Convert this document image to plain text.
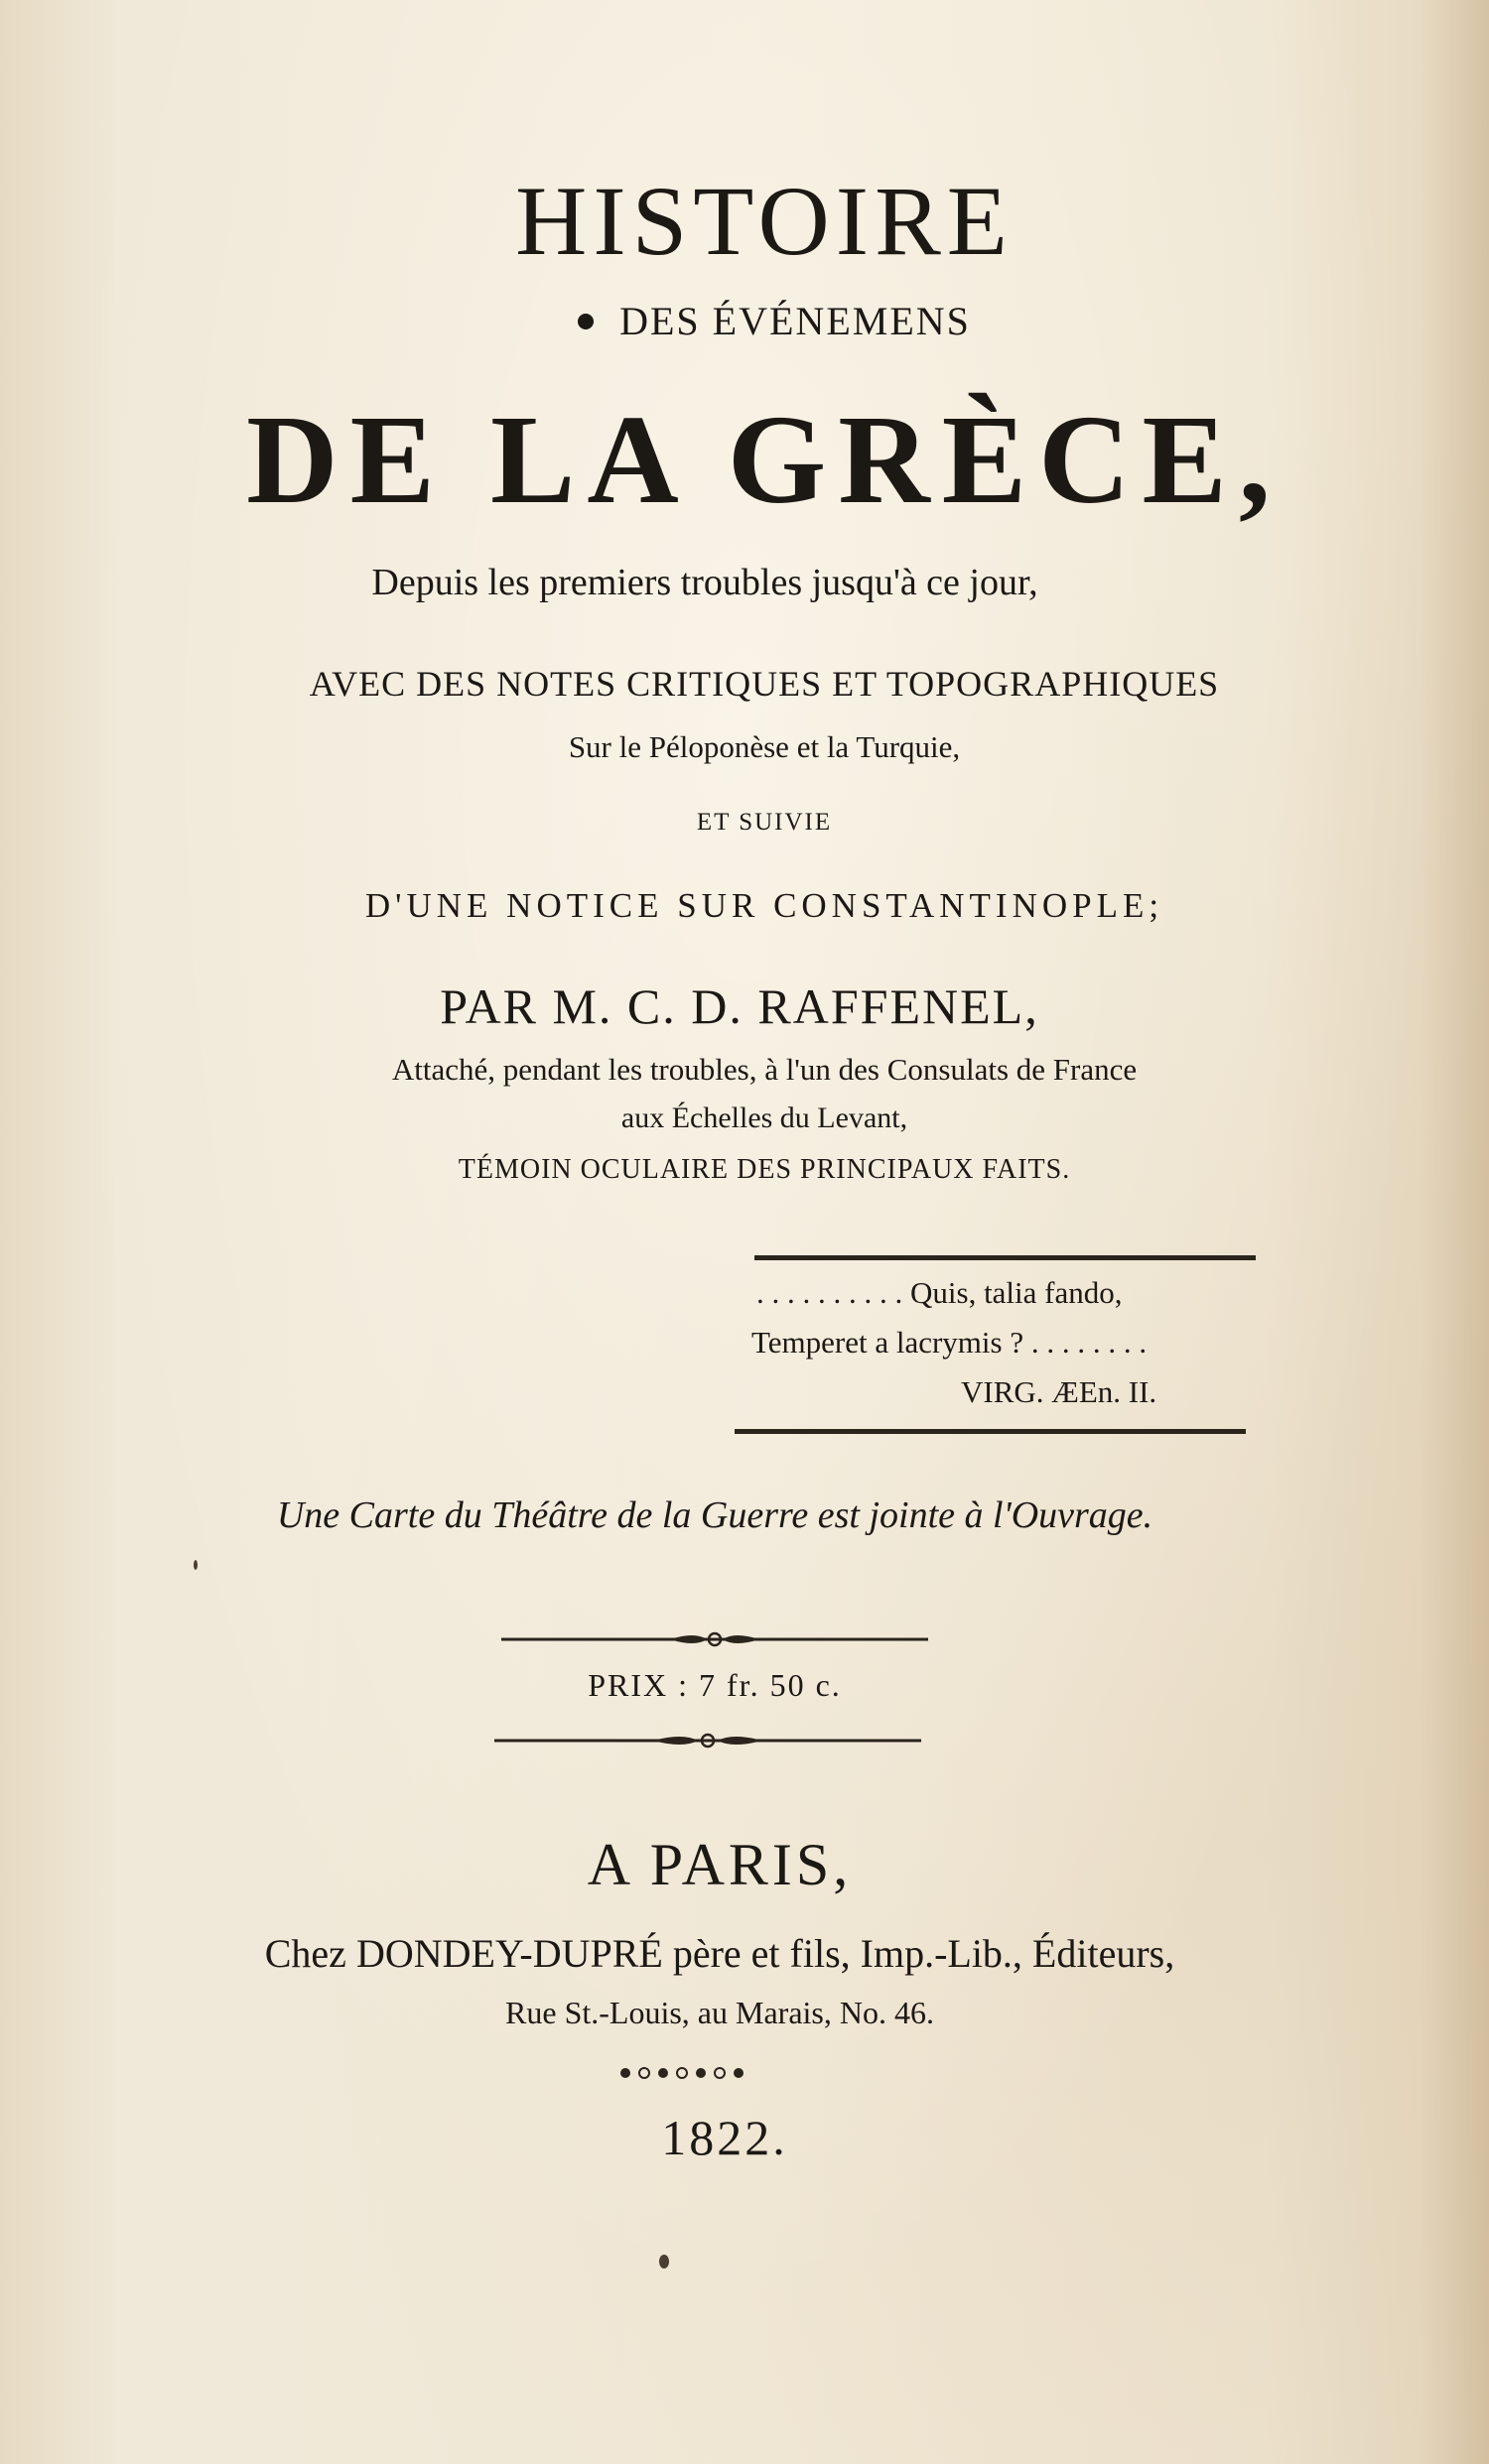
HISTOIRE
DES ÉVÉNEMENS
DE LA GRÈCE,
Depuis les premiers troubles jusqu'à ce jour,
AVEC DES NOTES CRITIQUES ET TOPOGRAPHIQUES
Sur le Péloponèse et la Turquie,
ET SUIVIE
D'UNE NOTICE SUR CONSTANTINOPLE;
PAR M. C. D. RAFFENEL,
Attaché, pendant les troubles, à l'un des Consulats de France
aux Échelles du Levant,
TÉMOIN OCULAIRE DES PRINCIPAUX FAITS.
. . . . . . . . . . Quis, talia fando,
Temperet a lacrymis ? . . . . . . . .
VIRG. ÆEn. II.
Une Carte du Théâtre de la Guerre est jointe à l'Ouvrage.
PRIX : 7 fr. 50 c.
A PARIS,
Chez DONDEY-DUPRÉ père et fils, Imp.-Lib., Éditeurs,
Rue St.-Louis, au Marais, No. 46.
1822.
